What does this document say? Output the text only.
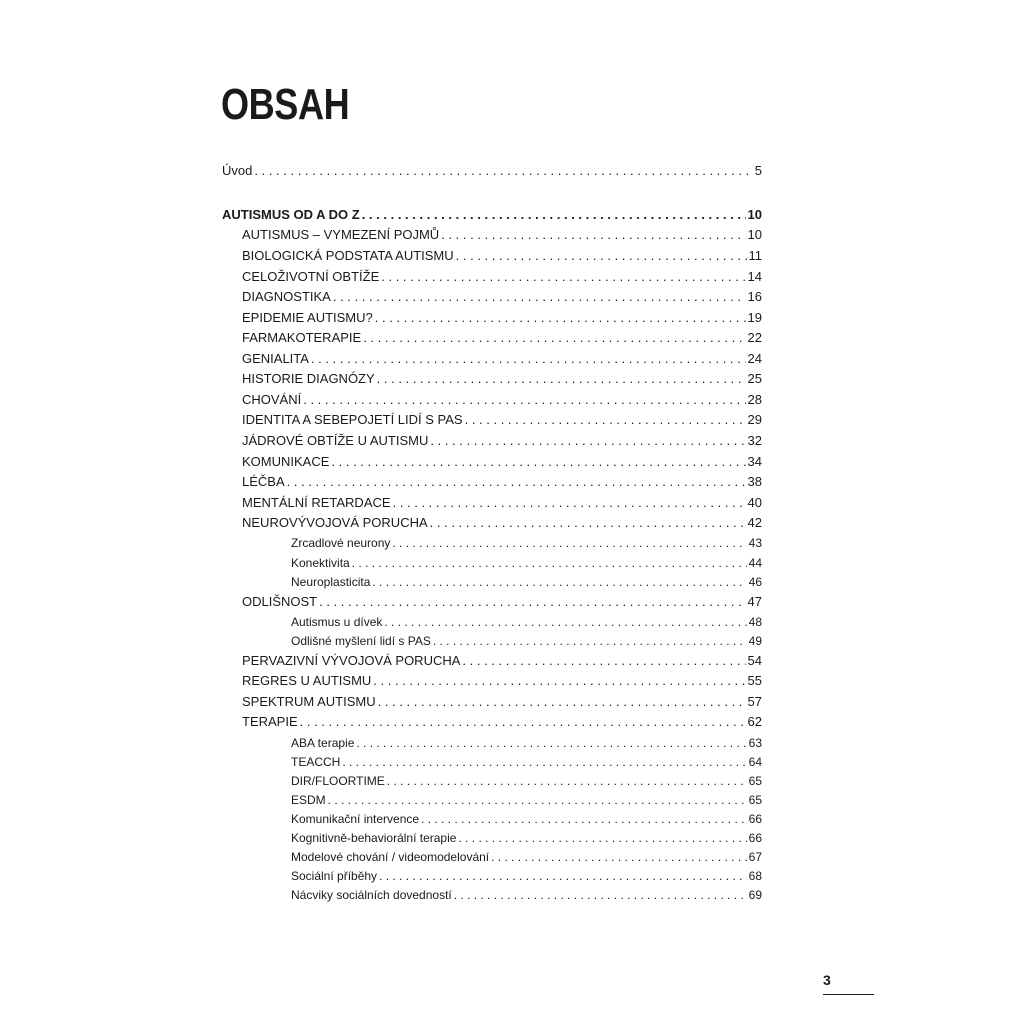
OBSAH
Úvod . . .	5
AUTISMUS OD A DO Z . . .	10
AUTISMUS – VYMEZENÍ POJMŮ . . .	10
BIOLOGICKÁ PODSTATA AUTISMU . . .	11
CELOŽIVOTNÍ OBTÍŽE . . .	14
DIAGNOSTIKA . . .	16
EPIDEMIE AUTISMU? . . .	19
FARMAKOTERAPIE . . .	22
GENIALITA . . .	24
HISTORIE DIAGNÓZY . . .	25
CHOVÁNÍ . . .	28
IDENTITA A SEBEPOJETÍ LIDÍ S PAS . . .	29
JÁDROVÉ OBTÍŽE U AUTISMU . . .	32
KOMUNIKACE . . .	34
LÉČBA . . .	38
MENTÁLNÍ RETARDACE . . .	40
NEUROVÝVOJOVÁ PORUCHA . . .	42
Zrcadlové neurony . . .	43
Konektivita . . .	44
Neuroplasticita . . .	46
ODLIŠNOST . . .	47
Autismus u dívek . . .	48
Odlišné myšlení lidí s PAS . . .	49
PERVAZIVNÍ VÝVOJOVÁ PORUCHA . . .	54
REGRES U AUTISMU . . .	55
SPEKTRUM AUTISMU . . .	57
TERAPIE . . .	62
ABA terapie . . .	63
TEACCH . . .	64
DIR/FLOORTIME . . .	65
ESDM . . .	65
Komunikační intervence . . .	66
Kognitivně-behaviorální terapie . . .	66
Modelové chování / videomodelování . . .	67
Sociální příběhy . . .	68
Nácviky sociálních dovedností . . .	69
3
